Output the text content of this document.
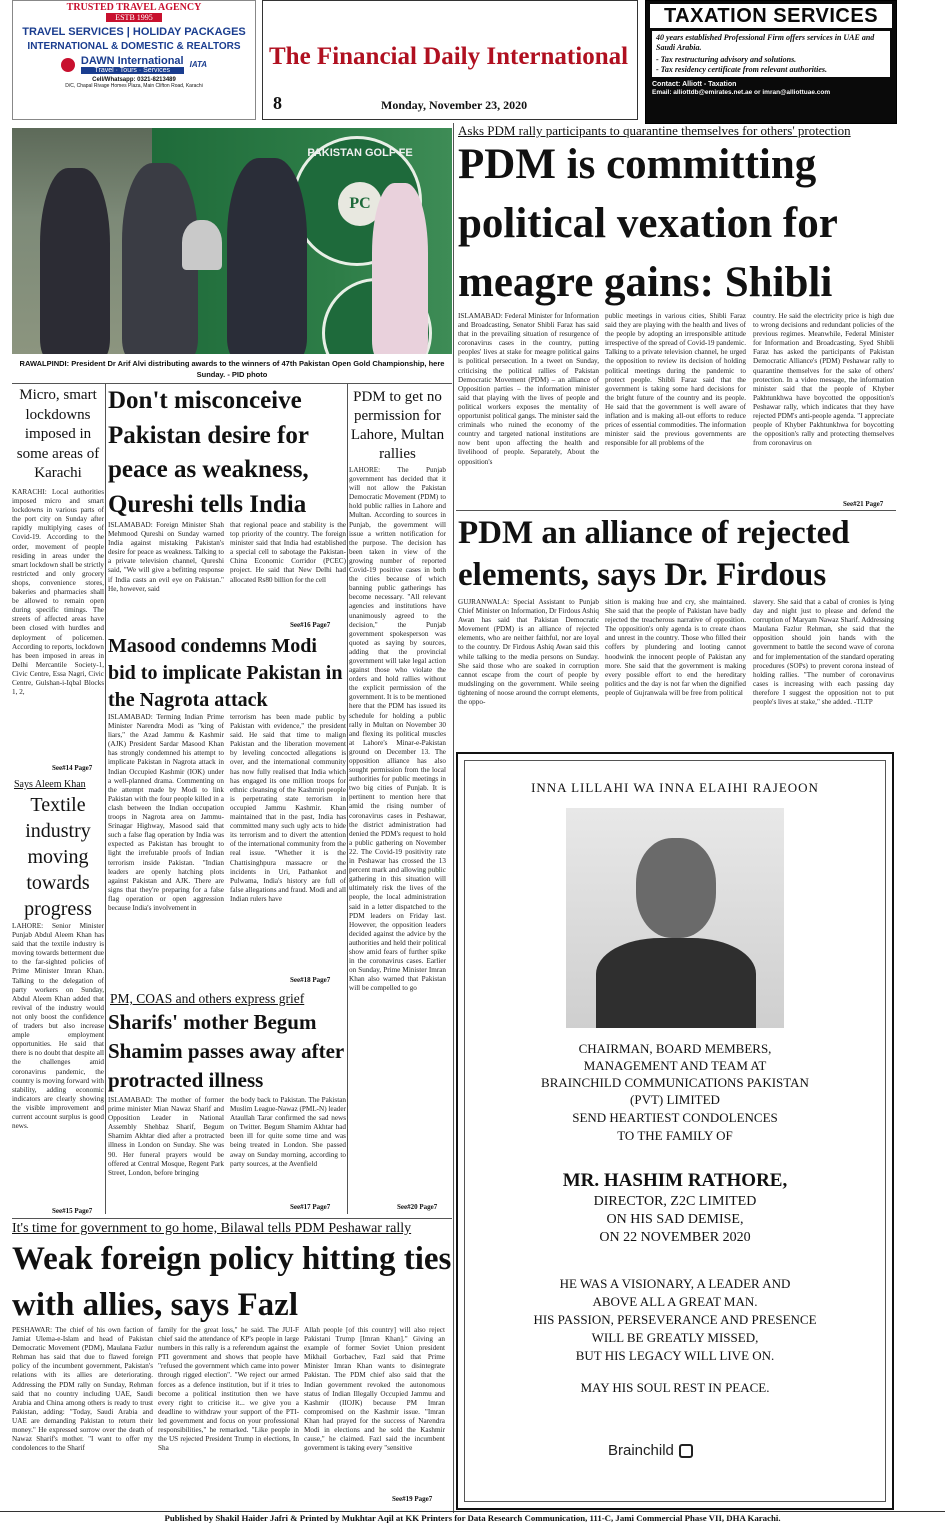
TRUSTED TRAVEL AGENCY
ESTB 1995
TRAVEL SERVICES | HOLIDAY PACKAGES
INTERNATIONAL & DOMESTIC & REALTORS
DAWN International
Travel · Tours · Services
IATA
Cell/Whatsapp: 0321-8213489
D/C, Chapal Rivage Homes Plaza, Main Clifton Road, Karachi
The Financial Daily International
8	Monday, November 23, 2020
TAXATION SERVICES
40 years established Professional Firm offers services in UAE and Saudi Arabia.
- Tax restructuring advisory and solutions.
- Tax residency certificate from relevant authorities.
Contact: Alliott - Taxation
Email: alliottdb@emirates.net.ae or imran@alliottuae.com
PAKISTAN GOLF FE
PC
RAWALPINDI: President Dr Arif Alvi distributing awards to the winners of 47th Pakistan Open Gold Championship, here Sunday. - PID photo
Asks PDM rally participants to quarantine themselves for others' protection
PDM is committing political vexation for meagre gains: Shibli
ISLAMABAD: Federal Minister for Information and Broadcasting, Senator Shibli Faraz has said that in the prevailing situation of resurgence of coronavirus cases in the country, putting peoples' lives at stake for meagre political gains is political persecution. In a tweet on Sunday, criticising the political rallies of Pakistan Democratic Movement (PDM) – an alliance of Opposition parties – the information minister said that playing with the lives of people and political workers exposes the mentality of opportunist political gangs. The minister said the criminals who ruined the economy of the country and targeted national institutions are now bent upon affecting the health and livelihood of people. Separately, About the opposition's
public meetings in various cities, Shibli Faraz said they are playing with the health and lives of the people by adopting an irresponsible attitude irrespective of the spread of Covid-19 pandemic. Talking to a private television channel, he urged the opposition to review its decision of holding political meetings during the pandemic to protect people. Shibli Faraz said that the government is taking some hard decisions for the bright future of the country and its people. He said that the government is well aware of inflation and is making all-out efforts to reduce prices of essential commodities. The information minister said the previous governments are responsible for all problems of the
country. He said the electricity price is high due to wrong decisions and redundant policies of the previous regimes. Meanwhile, Federal Minister for Information and Broadcasting, Syed Shibli Faraz has asked the participants of Pakistan Democratic Alliance's (PDM) Peshawar rally to quarantine themselves for the sake of others' protection. In a video message, the information minister said that the people of Khyber Pakhtunkhwa have boycotted the opposition's Peshawar rally, which indicates that they have rejected PDM's anti-people agenda. "I appreciate people of Khyber Pakhtunkhwa for boycotting the opposition's rally and protecting themselves from coronavirus on
See#21 Page7
PDM an alliance of rejected elements, says Dr. Firdous
GUJRANWALA: Special Assistant to Punjab Chief Minister on Information, Dr Firdous Ashiq Awan has said that Pakistan Democratic Movement (PDM) is an alliance of rejected elements, who are neither faithful, nor are loyal to the country. Dr Firdous Ashiq Awan said this while talking to the media persons on Sunday. She said those who are soaked in corruption cannot escape from the court of people by mudslinging on the government. While seeing tightening of noose around the corrupt elements, the oppo-
sition is making hue and cry, she maintained. She said that the people of Pakistan have badly rejected the treacherous narrative of opposition. The opposition's only agenda is to create chaos and unrest in the country. Those who filled their coffers by plundering and looting cannot hoodwink the innocent people of Pakistan any more. She said that the government is making every possible effort to end the hereditary politics and the day is not far when the dignified people of Gujranwala will be free from political
slavery. She said that a cabal of cronies is lying day and night just to please and defend the corruption of Maryam Nawaz Sharif. Addressing Maulana Fazlur Rehman, she said that the opposition should join hands with the government to battle the second wave of corona and for implementation of the standard operating procedures (SOPs) to prevent corona instead of holding rallies. "The number of coronavirus cases is increasing with each passing day therefore I suggest the opposition not to put people's lives at stake," she added. -TLTP
Micro, smart lockdowns imposed in some areas of Karachi
KARACHI: Local authorities imposed micro and smart lockdowns in various parts of the port city on Sunday after rapidly multiplying cases of Covid-19. According to the order, movement of people residing in areas under the smart lockdown shall be strictly restricted and only grocery shops, convenience stores, bakeries and pharmacies shall be allowed to remain open during specific timings. The streets of affected areas have been closed with hurdles and deployment of policemen. According to reports, lockdown has been imposed in areas in Delhi Mercantile Society-1, Civic Centre, Essa Nagri, Civic Centre, Gulshan-i-Iqbal Blocks 1, 2,
See#14 Page7
Says Aleem Khan
Textile industry moving towards progress
LAHORE: Senior Minister Punjab Abdul Aleem Khan has said that the textile industry is moving towards betterment due to the far-sighted policies of Prime Minister Imran Khan. Talking to the delegation of party workers on Sunday, Abdul Aleem Khan added that revival of the industry would not only boost the confidence of traders but also increase ample employment opportunities. He said that there is no doubt that despite all the challenges amid coronavirus pandemic, the country is moving forward with stability, adding economic indicators are clearly showing the visible improvement and current account surplus is good news.
See#15 Page7
Don't misconceive Pakistan desire for peace as weakness, Qureshi tells India
ISLAMABAD: Foreign Minister Shah Mehmood Qureshi on Sunday warned India against mistaking Pakistan's desire for peace as weakness. Talking to a private television channel, Qureshi said, "We will give a befitting response if India casts an evil eye on Pakistan." He, however, said
that regional peace and stability is the top priority of the country. The foreign minister said that India had established a special cell to sabotage the Pakistan-China Economic Corridor (PCEC) project. He said that New Delhi had allocated Rs80 billion for the cell
See#16 Page7
PDM to get no permission for Lahore, Multan rallies
LAHORE: The Punjab government has decided that it will not allow the Pakistan Democratic Movement (PDM) to hold public rallies in Lahore and Multan. According to sources in Punjab, the government will issue a written notification for the purpose. The decision has been taken in view of the growing number of reported Covid-19 positive cases in both the cities because of which banning public gatherings has become necessary. "All relevant agencies and institutions have unanimously agreed to the decision," the Punjab government spokesperson was quoted as saying by sources, adding that the provincial government will take legal action against those who violate the orders and hold rallies without the explicit permission of the government. It is to be mentioned here that the PDM has issued its schedule for holding a public rally in Multan on November 30 and flexing its political muscles at Lahore's Minar-e-Pakistan ground on December 13. The opposition alliance has also sought permission from the local authorities for public meetings in two big cities of Punjab. It is pertinent to mention here that amid the rising number of coronavirus cases in Peshawar, the district administration had denied the PDM's request to hold a public gathering on November 22. The Covid-19 positivity rate in Peshawar has crossed the 13 percent mark and allowing public gathering in this situation will ultimately risk the lives of the people, the local administration said in a letter dispatched to the PDM leaders on Friday last. However, the opposition leaders decided against the advice by the authorities and held their political show amid fears of further spike in the coronavirus cases. Earlier on Sunday, Prime Minister Imran Khan also warned that Pakistan will be compelled to go
See#20 Page7
Masood condemns Modi bid to implicate Pakistan in the Nagrota attack
ISLAMABAD: Terming Indian Prime Minister Narendra Modi as "king of liars," the Azad Jammu & Kashmir (AJK) President Sardar Masood Khan has strongly condemned his attempt to implicate Pakistan in Nagrota attack in Indian Occupied Kashmir (IOK) under a well-planned drama. Commenting on the attempt made by Modi to link Pakistan with the four people killed in a clash between the Indian occupation troops in Nagrota area on Jammu-Srinagar Highway, Masood said that such a false flag operation by India was expected as Pakistan has brought to light the irrefutable proofs of Indian terrorism inside Pakistan. "Indian leaders are openly hatching plots against Pakistan and AJK. There are signs that they're preparing for a false flag operation or open aggression because India's involvement in
terrorism has been made public by Pakistan with evidence," the president said. He said that time to malign Pakistan and the liberation movement by leveling concocted allegations is over, and the international community has now fully realised that India which has engaged its one million troops for ethnic cleansing of the Kashmiri people is perpetrating state terrorism in occupied Jammu Kashmir. Khan maintained that in the past, India has committed many such ugly acts to hide its terrorism and to divert the attention of the international community from the real issue. "Whether it is the Chattisinghpura massacre or the incidents in Uri, Pathankot and Pulwama, India's history are full of false allegations and fraud. Modi and all Indian rulers have
See#18 Page7
PM, COAS and others express grief
Sharifs' mother Begum Shamim passes away after protracted illness
ISLAMABAD: The mother of former prime minister Mian Nawaz Sharif and Opposition Leader in National Assembly Shehbaz Sharif, Begum Shamim Akhtar died after a protracted illness in London on Sunday. She was 90. Her funeral prayers would be offered at Central Mosque, Regent Park Street, London, before bringing
the body back to Pakistan. The Pakistan Muslim League-Nawaz (PML-N) leader Ataullah Tarar confirmed the sad news on Twitter. Begum Shamim Akhtar had been ill for quite some time and was being treated in London. She passed away on Sunday morning, according to party sources, at the Avenfield
See#17 Page7
It's time for government to go home, Bilawal tells PDM Peshawar rally
Weak foreign policy hitting ties with allies, says Fazl
PESHAWAR: The chief of his own faction of Jamiat Ulema-e-Islam and head of Pakistan Democratic Movement (PDM), Maulana Fazlur Rehman has said that due to flawed foreign policy of the incumbent government, Pakistan's relations with its allies are deteriorating. Addressing the PDM rally on Sunday, Rehman said that no country including UAE, Saudi Arabia and China among others is ready to trust Pakistan, adding: "Today, Saudi Arabia and UAE are demanding Pakistan to return their money." He expressed sorrow over the death of Nawaz Sharif's mother. "I want to offer my condolences to the Sharif
family for the great loss," he said. The JUI-F chief said the attendance of KP's people in large numbers in this rally is a referendum against the PTI government and shows that people have "refused the government which came into power through rigged election". "We reject our armed forces as a defence institution, but if it tries to become a political institution then we have every right to criticise it... we give you a deadline to withdraw your support of the PTI-led government and focus on your professional responsibilities," he remarked. "Like people in the US rejected President Trump in elections, In Sha
Allah people [of this country] will also reject Pakistani Trump [Imran Khan]." Giving an example of former Soviet Union president Mikhail Gorbachev, Fazl said that Prime Minister Imran Khan wants to disintegrate Pakistan. The PDM chief also said that the Indian government revoked the autonomous status of Indian Illegally Occupied Jammu and Kashmir (IIOJK) because PM Imran compromised on the Kashmir issue. "Imran Khan had prayed for the success of Narendra Modi in elections and he sold the Kashmir cause," he claimed. Fazl said the incumbent government is taking every "sensitive
See#19 Page7
INNA LILLAHI WA INNA ELAIHI RAJEOON
CHAIRMAN, BOARD MEMBERS,
MANAGEMENT AND TEAM AT
BRAINCHILD COMMUNICATIONS PAKISTAN
(PVT) LIMITED
SEND HEARTIEST CONDOLENCES
TO THE FAMILY OF
MR. HASHIM RATHORE,
DIRECTOR, Z2C LIMITED
ON HIS SAD DEMISE,
ON 22 NOVEMBER 2020
HE WAS A VISIONARY, A LEADER AND
ABOVE ALL A GREAT MAN.
HIS PASSION, PERSEVERANCE AND PRESENCE
WILL BE GREATLY MISSED,
BUT HIS LEGACY WILL LIVE ON.
MAY HIS SOUL REST IN PEACE.
Brainchild
Published by Shakil Haider Jafri & Printed by Mukhtar Aqil at KK Printers for Data Research Communication, 111-C, Jami Commercial Phase VII, DHA Karachi.
